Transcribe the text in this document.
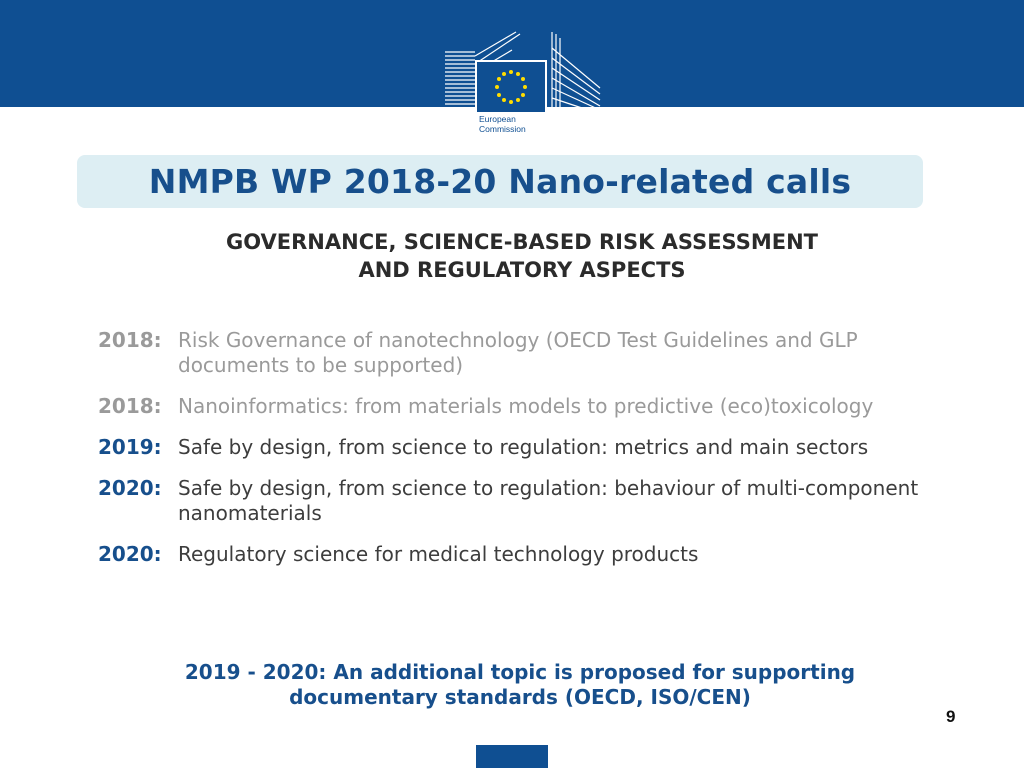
European
Commission
NMPB WP 2018-20 Nano-related calls
GOVERNANCE, SCIENCE-BASED RISK ASSESSMENT
AND REGULATORY ASPECTS
2018: Risk Governance of nanotechnology (OECD Test Guidelines and GLP documents to be supported)
2018: Nanoinformatics: from materials models to predictive (eco)toxicology
2019: Safe by design, from science to regulation: metrics and main sectors
2020: Safe by design, from science to regulation: behaviour of multi-component nanomaterials
2020: Regulatory science for medical technology products
2019 - 2020: An additional topic is proposed for supporting
documentary standards (OECD, ISO/CEN)
9
